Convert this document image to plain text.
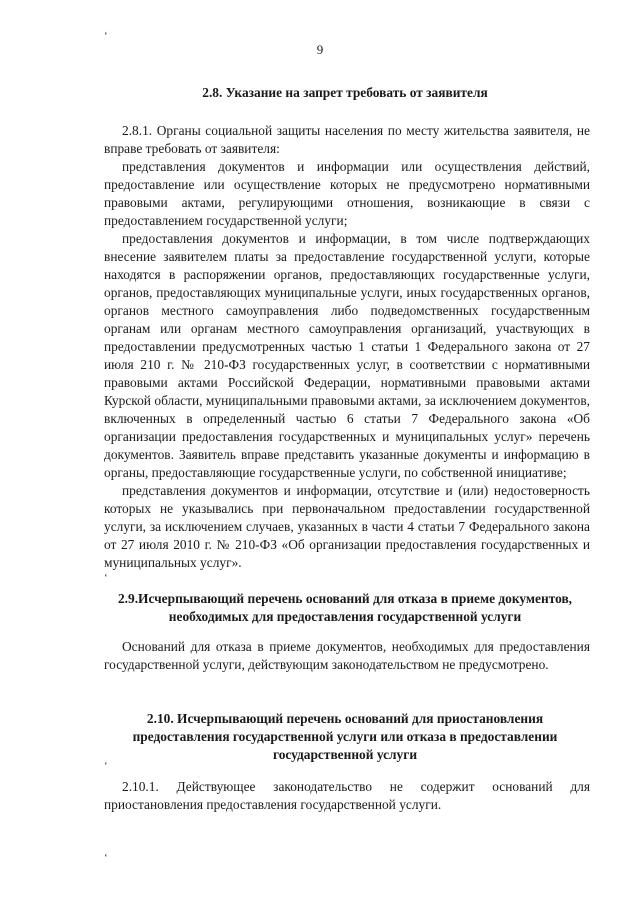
‘
9
2.8. Указание на запрет требовать от заявителя
2.8.1. Органы социальной защиты населения по месту жительства заявителя, не вправе требовать от заявителя:
представления документов и информации или осуществления действий, предоставление или осуществление которых не предусмотрено нормативными правовыми актами, регулирующими отношения, возникающие в связи с предоставлением государственной услуги;
предоставления документов и информации, в том числе подтверждающих внесение заявителем платы за предоставление государственной услуги, которые находятся в распоряжении органов, предоставляющих государственные услуги, органов, предоставляющих муниципальные услуги, иных государственных органов, органов местного самоуправления либо подведомственных государственным органам или органам местного самоуправления организаций, участвующих в предоставлении предусмотренных частью 1 статьи 1 Федерального закона от 27 июля 210 г. № 210-ФЗ государственных услуг, в соответствии с нормативными правовыми актами Российской Федерации, нормативными правовыми актами Курской области, муниципальными правовыми актами, за исключением документов, включенных в определенный частью 6 статьи 7 Федерального закона «Об организации предоставления государственных и муниципальных услуг» перечень документов. Заявитель вправе представить указанные документы и информацию в органы, предоставляющие государственные услуги, по собственной инициативе;
представления документов и информации, отсутствие и (или) недостоверность которых не указывались при первоначальном предоставлении государственной услуги, за исключением случаев, указанных в части 4 статьи 7 Федерального закона от 27 июля 2010 г. № 210-ФЗ «Об организации предоставления государственных и муниципальных услуг».
‘
2.9.Исчерпывающий перечень оснований для отказа в приеме документов, необходимых для предоставления государственной услуги
Оснований для отказа в приеме документов, необходимых для предоставления государственной услуги, действующим законодательством не предусмотрено.
2.10. Исчерпывающий перечень оснований для приостановления предоставления государственной услуги или отказа в предоставлении государственной услуги
‘
2.10.1. Действующее законодательство не содержит оснований для приостановления предоставления государственной услуги.
‘
